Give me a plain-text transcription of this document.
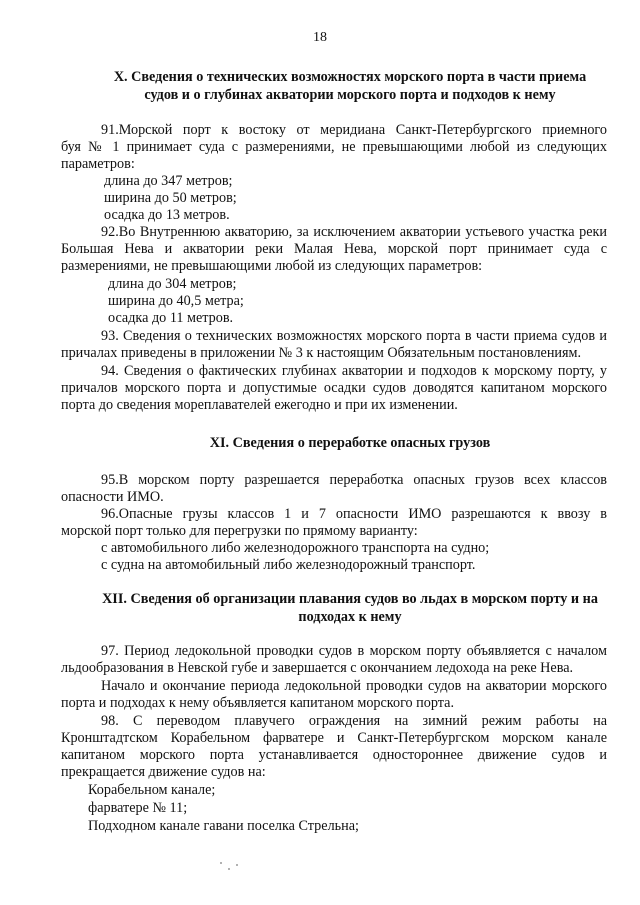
18
X. Сведения о технических возможностях морского порта в части приема
судов и о глубинах акватории морского порта и подходов к нему
91.Морской порт к востоку от меридиана Санкт-Петербургского приемного
буя № 1 принимает суда с размерениями, не превышающими любой из следующих
параметров:
длина до 347 метров;
ширина до 50 метров;
осадка до 13 метров.
92.Во Внутреннюю акваторию, за исключением акватории устьевого участка реки
Большая Нева и акватории реки Малая Нева, морской порт принимает суда с
размерениями, не превышающими любой из следующих параметров:
длина до 304 метров;
ширина до 40,5 метра;
осадка до 11 метров.
93. Сведения о технических возможностях морского порта в части приема судов и
причалах приведены в приложении № 3 к настоящим Обязательным постановлениям.
94. Сведения о фактических глубинах акватории и подходов к морскому порту, у
причалов морского порта и допустимые осадки судов доводятся капитаном морского
порта до сведения мореплавателей ежегодно и при их изменении.
XI. Сведения о переработке опасных грузов
95.В морском порту разрешается переработка опасных грузов всех классов
опасности ИМО.
96.Опасные грузы классов 1 и 7 опасности ИМО разрешаются к ввозу в
морской порт только для перегрузки по прямому варианту:
с автомобильного либо железнодорожного транспорта на судно;
с судна на автомобильный либо железнодорожный транспорт.
XII. Сведения об организации плавания судов во льдах в морском порту и на
подходах к нему
97. Период ледокольной проводки судов в морском порту объявляется с началом
льдообразования в Невской губе и завершается с окончанием ледохода на реке Нева.
Начало и окончание периода ледокольной проводки судов на акватории морского
порта и подходах к нему объявляется капитаном морского порта.
98. С переводом плавучего ограждения на зимний режим работы на
Кронштадтском Корабельном фарватере и Санкт-Петербургском морском канале
капитаном морского порта устанавливается одностороннее движение судов и
прекращается движение судов на:
Корабельном канале;
фарватере № 11;
Подходном канале гавани поселка Стрельна;
